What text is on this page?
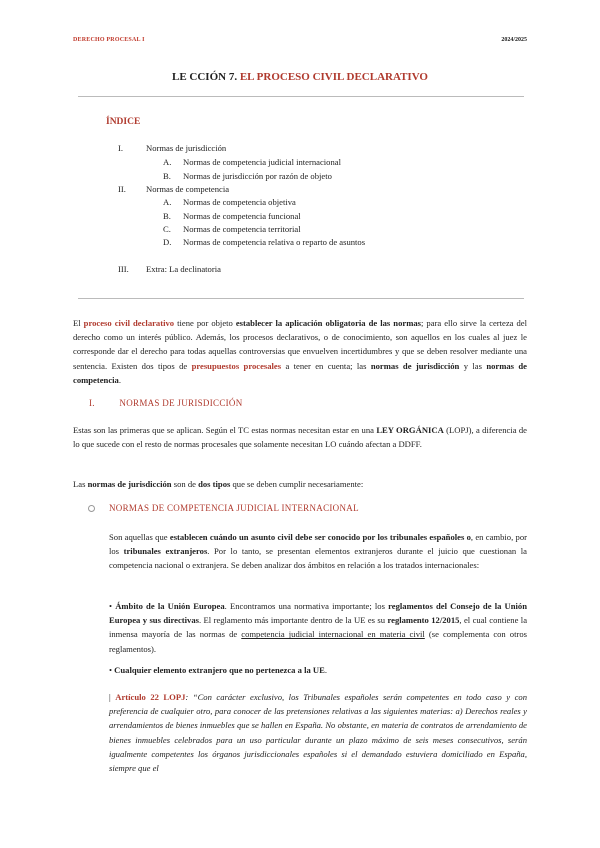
DERECHO PROCESAL I	2024/2025
LE CCIÓN 7. EL PROCESO CIVIL DECLARATIVO
ÍNDICE
I.	Normas de jurisdicción
A.	Normas de competencia judicial internacional
B.	Normas de jurisdicción por razón de objeto
II.	Normas de competencia
A.	Normas de competencia objetiva
B.	Normas de competencia funcional
C.	Normas de competencia territorial
D.	Normas de competencia relativa o reparto de asuntos
III.	Extra: La declinatoria

El proceso civil declarativo tiene por objeto establecer la aplicación obligatoria de las normas; para ello sirve la certeza del derecho como un interés público. Además, los procesos declarativos, o de conocimiento, son aquellos en los cuales al juez le corresponde dar el derecho para todas aquellas controversias que envuelven incertidumbres y que se deben resolver mediante una sentencia. Existen dos tipos de presupuestos procesales a tener en cuenta; las normas de jurisdicción y las normas de competencia.

I.	NORMAS DE JURISDICCIÓN

Estas son las primeras que se aplican. Según el TC estas normas necesitan estar en una LEY ORGÁNICA (LOPJ), a diferencia de lo que sucede con el resto de normas procesales que solamente necesitan LO cuándo afectan a DDFF.

Las normas de jurisdicción son de dos tipos que se deben cumplir necesariamente:

NORMAS DE COMPETENCIA JUDICIAL INTERNACIONAL

Son aquellas que establecen cuándo un asunto civil debe ser conocido por los tribunales españoles o, en cambio, por los tribunales extranjeros. Por lo tanto, se presentan elementos extranjeros durante el juicio que cuestionan la competencia nacional o extranjera. Se deben analizar dos ámbitos en relación a los tratados internacionales:

• Ámbito de la Unión Europea. Encontramos una normativa importante; los reglamentos del Consejo de la Unión Europea y sus directivas. El reglamento más importante dentro de la UE es su reglamento 12/2015, el cual contiene la inmensa mayoría de las normas de competencia judicial internacional en materia civil (se complementa con otros reglamentos).

• Cualquier elemento extranjero que no pertenezca a la UE.

| Artículo 22 LOPJ: “Con carácter exclusivo, los Tribunales españoles serán competentes en todo caso y con preferencia de cualquier otro, para conocer de las pretensiones relativas a las siguientes materias: a) Derechos reales y arrendamientos de bienes inmuebles que se hallen en España. No obstante, en materia de contratos de arrendamiento de bienes inmuebles celebrados para un uso particular durante un plazo máximo de seis meses consecutivos, serán igualmente competentes los órganos jurisdiccionales españoles si el demandado estuviera domiciliado en España, siempre que el
